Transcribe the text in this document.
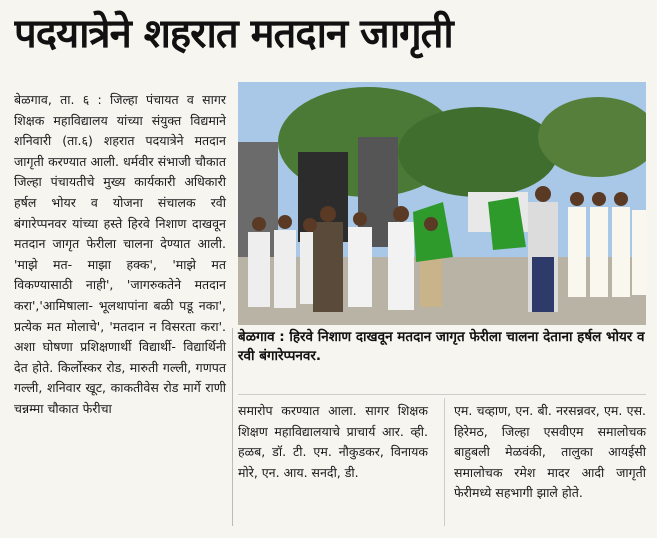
पदयात्रेने शहरात मतदान जागृती

बेळगाव, ता. ६ : जिल्हा पंचायत व सागर शिक्षक महाविद्यालय यांच्या संयुक्त विद्यमाने शनिवारी (ता.६) शहरात पदयात्रेने मतदान जागृती करण्यात आली. धर्मवीर संभाजी चौकात जिल्हा पंचायतीचे मुख्य कार्यकारी अधिकारी हर्षल भोयर व योजना संचालक रवी बंगारेप्पनवर यांच्या हस्ते हिरवे निशाण दाखवून मतदान जागृत फेरीला चालना देण्यात आली. 'माझे मत- माझा हक्क', 'माझे मत विकण्यासाठी नाही', 'जागरुकतेने मतदान करा','आमिषाला- भूलथापांना बळी पडू नका', प्रत्येक मत मोलाचे', 'मतदान न विसरता करा'. अशा घोषणा प्रशिक्षणार्थी विद्यार्थी- विद्यार्थिनी देत होते. किर्लोस्कर रोड, मारुती गल्ली, गणपत गल्ली, शनिवार खूट, काकतीवेस रोड मार्गे राणी चन्नम्मा चौकात फेरीचा

बेळगाव : हिरवे निशाण दाखवून मतदान जागृत फेरीला चालना देताना हर्षल भोयर व रवी बंगारेप्पनवर.

समारोप करण्यात आला. सागर शिक्षक शिक्षण महाविद्यालयाचे प्राचार्य आर. व्ही. हळब, डॉ. टी. एम. नौकुडकर, विनायक मोरे, एन. आय. सनदी, डी.

एम. चव्हाण, एन. बी. नरसन्नवर, एम. एस. हिरेमठ, जिल्हा एसवीएम समालोचक बाहुबली मेळवंकी, तालुका आयईसी समालोचक रमेश मादर आदी जागृती फेरीमध्ये सहभागी झाले होते.
